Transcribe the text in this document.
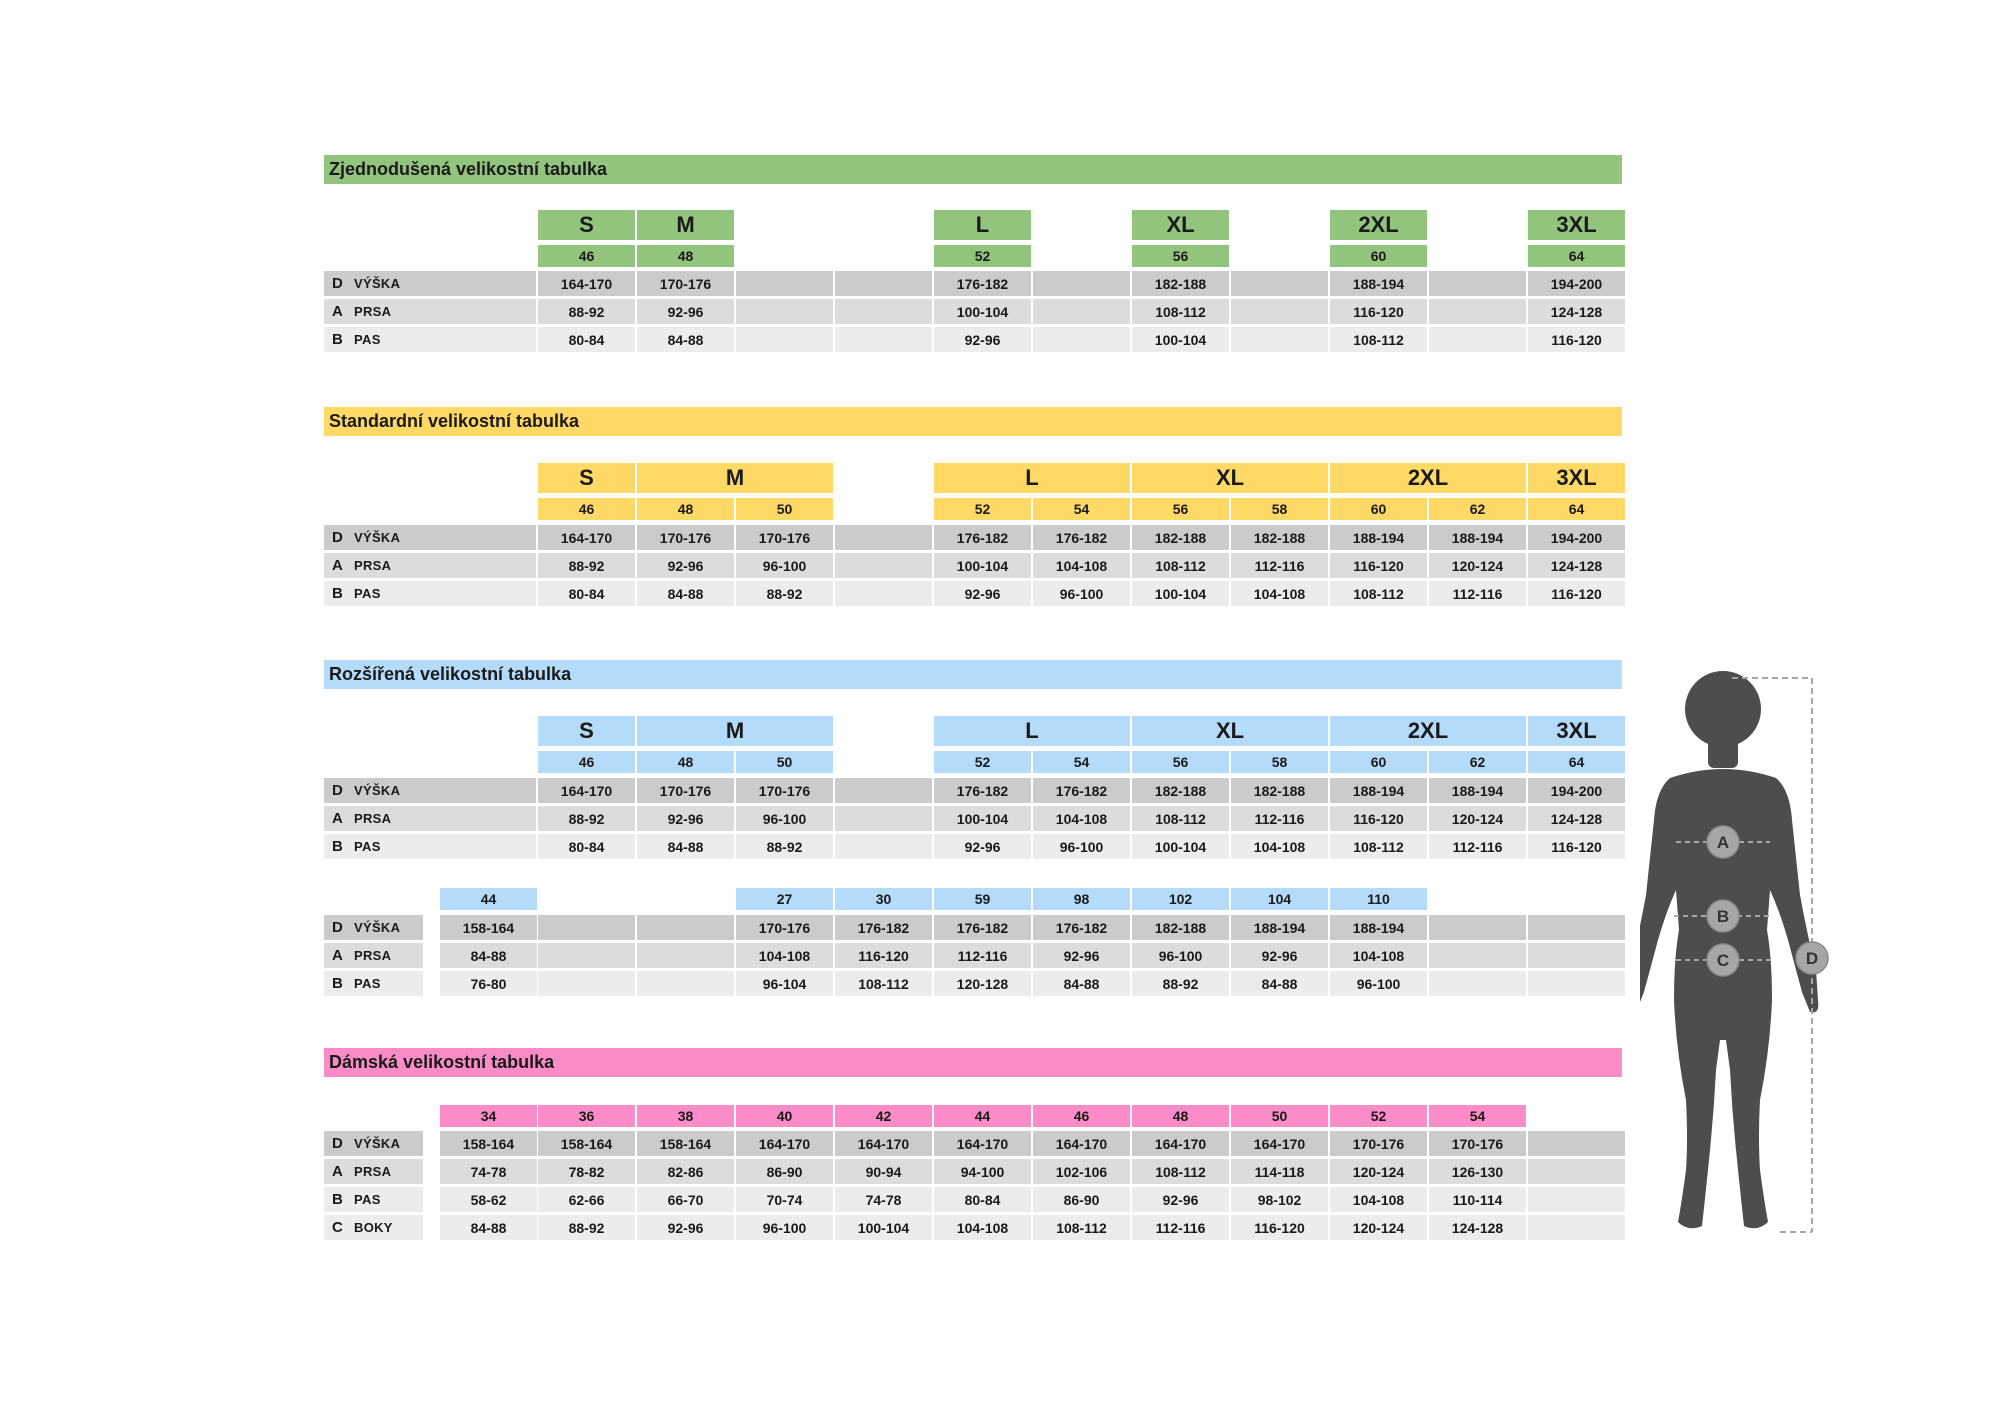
Zjednodušená velikostní tabulka
S	M	L	XL	2XL	3XL
46	48	52	56	60	64
D VÝŠKA	164-170	170-176	176-182	182-188	188-194	194-200
A PRSA	88-92	92-96	100-104	108-112	116-120	124-128
B PAS	80-84	84-88	92-96	100-104	108-112	116-120
Standardní velikostní tabulka
S	M	L	XL	2XL	3XL
46	48	50	52	54	56	58	60	62	64
D VÝŠKA	164-170	170-176	170-176	176-182	176-182	182-188	182-188	188-194	188-194	194-200
A PRSA	88-92	92-96	96-100	100-104	104-108	108-112	112-116	116-120	120-124	124-128
B PAS	80-84	84-88	88-92	92-96	96-100	100-104	104-108	108-112	112-116	116-120
Rozšířená velikostní tabulka
S	M	L	XL	2XL	3XL
46	48	50	52	54	56	58	60	62	64
D VÝŠKA	164-170	170-176	170-176	176-182	176-182	182-188	182-188	188-194	188-194	194-200
A PRSA	88-92	92-96	96-100	100-104	104-108	108-112	112-116	116-120	120-124	124-128
B PAS	80-84	84-88	88-92	92-96	96-100	100-104	104-108	108-112	112-116	116-120
44	27	30	59	98	102	104	110
D VÝŠKA	158-164	170-176	176-182	176-182	176-182	182-188	188-194	188-194
A PRSA	84-88	104-108	116-120	112-116	92-96	96-100	92-96	104-108
B PAS	76-80	96-104	108-112	120-128	84-88	88-92	84-88	96-100
Dámská velikostní tabulka
34	36	38	40	42	44	46	48	50	52	54
D VÝŠKA	158-164	158-164	158-164	164-170	164-170	164-170	164-170	164-170	164-170	170-176	170-176
A PRSA	74-78	78-82	82-86	86-90	90-94	94-100	102-106	108-112	114-118	120-124	126-130
B PAS	58-62	62-66	66-70	70-74	74-78	80-84	86-90	92-96	98-102	104-108	110-114
C BOKY	84-88	88-92	92-96	96-100	100-104	104-108	108-112	112-116	116-120	120-124	124-128
A
B
C	D
